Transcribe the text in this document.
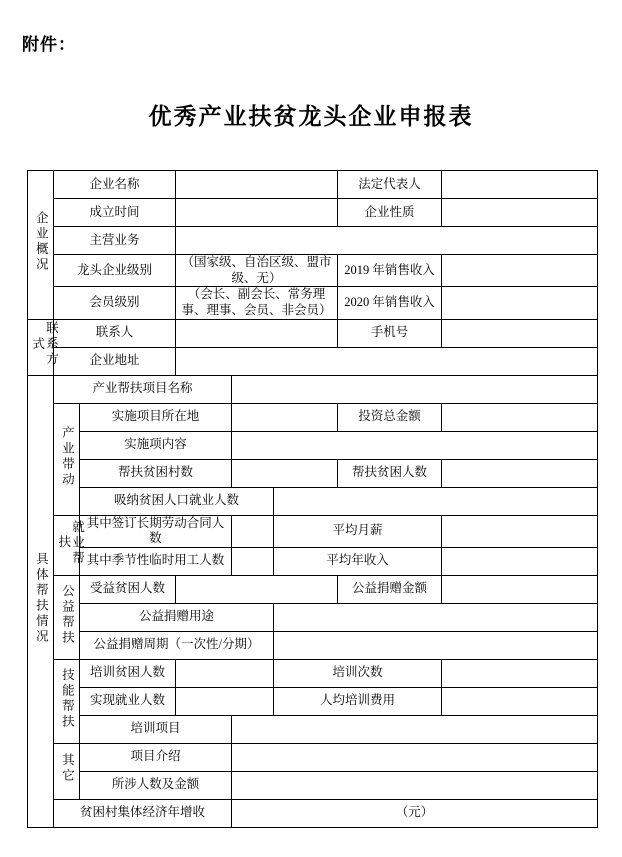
附件：
优秀产业扶贫龙头企业申报表
企业概况	企业名称					法定代表人	
	成立时间					企业性质	
	主营业务						
	龙头企业级别		（国家级、自治区级、盟市级、无）			2019 年销售收入	
	会员级别		（会长、副会长、常务理事、理事、会员、非会员）			2020 年销售收入	
联系方式	联系人					手机号	
	企业地址						
具体帮扶情况	产业帮扶项目名称						
	产业带动	实施项目所在地				投资总金额	
		实施项内容					
		帮扶贫困村数				帮扶贫困人数	
		吸纳贫困人口就业人数					
	就业帮扶	其中签订长期劳动合同人数			平均月薪		
		其中季节性临时用工人数			平均年收入		
	公益帮扶	受益贫困人数				公益捐赠金额	
		公益捐赠用途					
		公益捐赠周期（一次性/分期）					
	技能帮扶	培训贫困人数			培训次数		
		实现就业人数			人均培训费用		
		培训项目					
	其它	项目介绍					
		所涉人数及金额					
	贫困村集体经济年增收			（元）			
